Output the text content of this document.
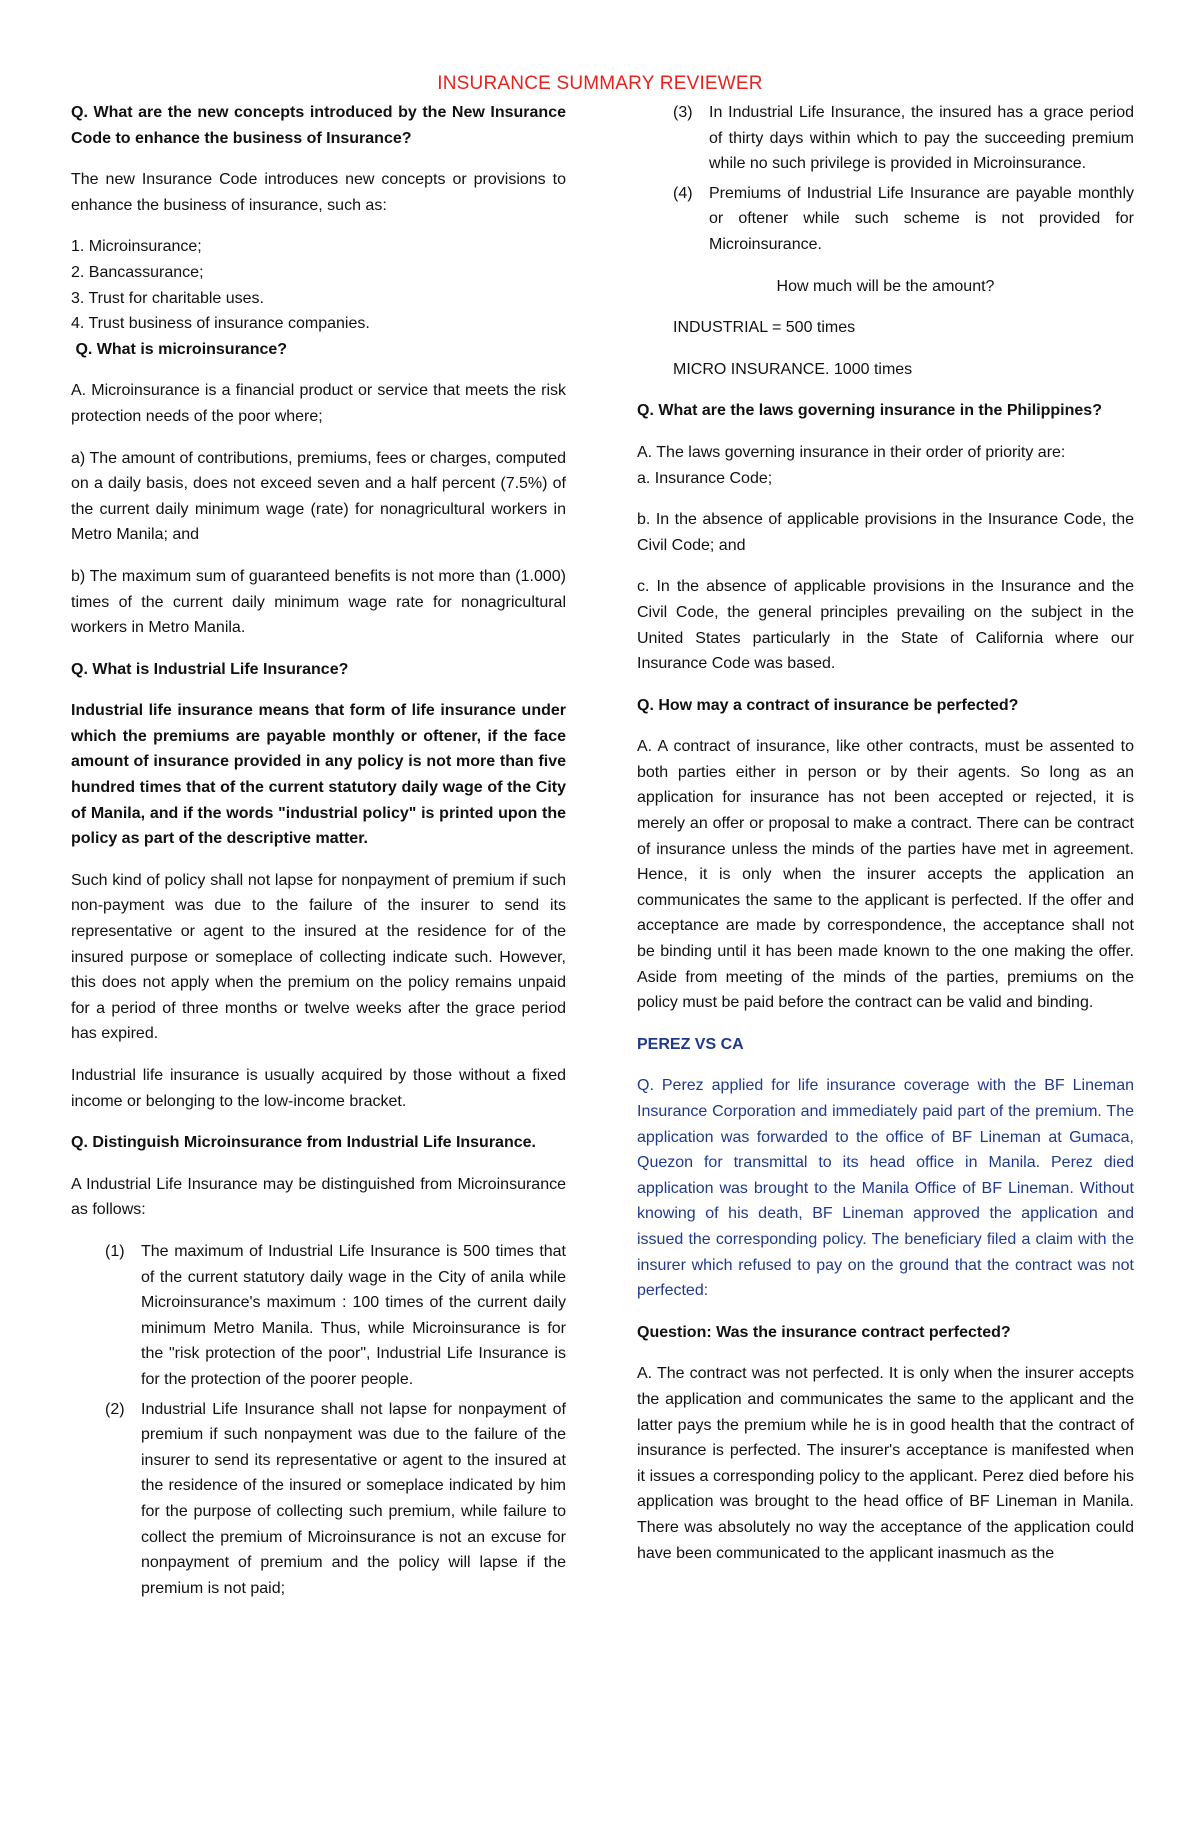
INSURANCE SUMMARY REVIEWER

Q. What are the new concepts introduced by the New Insurance Code to enhance the business of Insurance?

The new Insurance Code introduces new concepts or provisions to enhance the business of insurance, such as:

1. Microinsurance;
2. Bancassurance;
3. Trust for charitable uses.
4. Trust business of insurance companies.

Q. What is microinsurance?

A. Microinsurance is a financial product or service that meets the risk protection needs of the poor where;

a) The amount of contributions, premiums, fees or charges, computed on a daily basis, does not exceed seven and a half percent (7.5%) of the current daily minimum wage (rate) for nonagricultural workers in Metro Manila; and

b) The maximum sum of guaranteed benefits is not more than (1.000) times of the current daily minimum wage rate for nonagricultural workers in Metro Manila.

Q. What is Industrial Life Insurance?

Industrial life insurance means that form of life insurance under which the premiums are payable monthly or oftener, if the face amount of insurance provided in any policy is not more than five hundred times that of the current statutory daily wage of the City of Manila, and if the words "industrial policy" is printed upon the policy as part of the descriptive matter.

Such kind of policy shall not lapse for nonpayment of premium if such non-payment was due to the failure of the insurer to send its representative or agent to the insured at the residence for of the insured purpose or someplace of collecting indicate such. However, this does not apply when the premium on the policy remains unpaid for a period of three months or twelve weeks after the grace period has expired.

Industrial life insurance is usually acquired by those without a fixed income or belonging to the low-income bracket.

Q. Distinguish Microinsurance from Industrial Life Insurance.

A Industrial Life Insurance may be distinguished from Microinsurance as follows:

(1) The maximum of Industrial Life Insurance is 500 times that of the current statutory daily wage in the City of anila while Microinsurance's maximum : 100 times of the current daily minimum Metro Manila. Thus, while Microinsurance is for the "risk protection of the poor", Industrial Life Insurance is for the protection of the poorer people.
(2) Industrial Life Insurance shall not lapse for nonpayment of premium if such nonpayment was due to the failure of the insurer to send its representative or agent to the insured at the residence of the insured or someplace indicated by him for the purpose of collecting such premium, while failure to collect the premium of Microinsurance is not an excuse for nonpayment of premium and the policy will lapse if the premium is not paid;
(3) In Industrial Life Insurance, the insured has a grace period of thirty days within which to pay the succeeding premium while no such privilege is provided in Microinsurance.
(4) Premiums of Industrial Life Insurance are payable monthly or oftener while such scheme is not provided for Microinsurance.

How much will be the amount?

INDUSTRIAL = 500 times

MICRO INSURANCE. 1000 times

Q. What are the laws governing insurance in the Philippines?

A. The laws governing insurance in their order of priority are:

a. Insurance Code;

b. In the absence of applicable provisions in the Insurance Code, the Civil Code; and

c. In the absence of applicable provisions in the Insurance and the Civil Code, the general principles prevailing on the subject in the United States particularly in the State of California where our Insurance Code was based.

Q. How may a contract of insurance be perfected?

A. A contract of insurance, like other contracts, must be assented to both parties either in person or by their agents. So long as an application for insurance has not been accepted or rejected, it is merely an offer or proposal to make a contract. There can be contract of insurance unless the minds of the parties have met in agreement. Hence, it is only when the insurer accepts the application an communicates the same to the applicant is perfected. If the offer and acceptance are made by correspondence, the acceptance shall not be binding until it has been made known to the one making the offer. Aside from meeting of the minds of the parties, premiums on the policy must be paid before the contract can be valid and binding.

PEREZ VS CA

Q. Perez applied for life insurance coverage with the BF Lineman Insurance Corporation and immediately paid part of the premium. The application was forwarded to the office of BF Lineman at Gumaca, Quezon for transmittal to its head office in Manila. Perez died application was brought to the Manila Office of BF Lineman. Without knowing of his death, BF Lineman approved the application and issued the corresponding policy. The beneficiary filed a claim with the insurer which refused to pay on the ground that the contract was not perfected:

Question: Was the insurance contract perfected?

A. The contract was not perfected. It is only when the insurer accepts the application and communicates the same to the applicant and the latter pays the premium while he is in good health that the contract of insurance is perfected. The insurer's acceptance is manifested when it issues a corresponding policy to the applicant. Perez died before his application was brought to the head office of BF Lineman in Manila. There was absolutely no way the acceptance of the application could have been communicated to the applicant inasmuch as the
